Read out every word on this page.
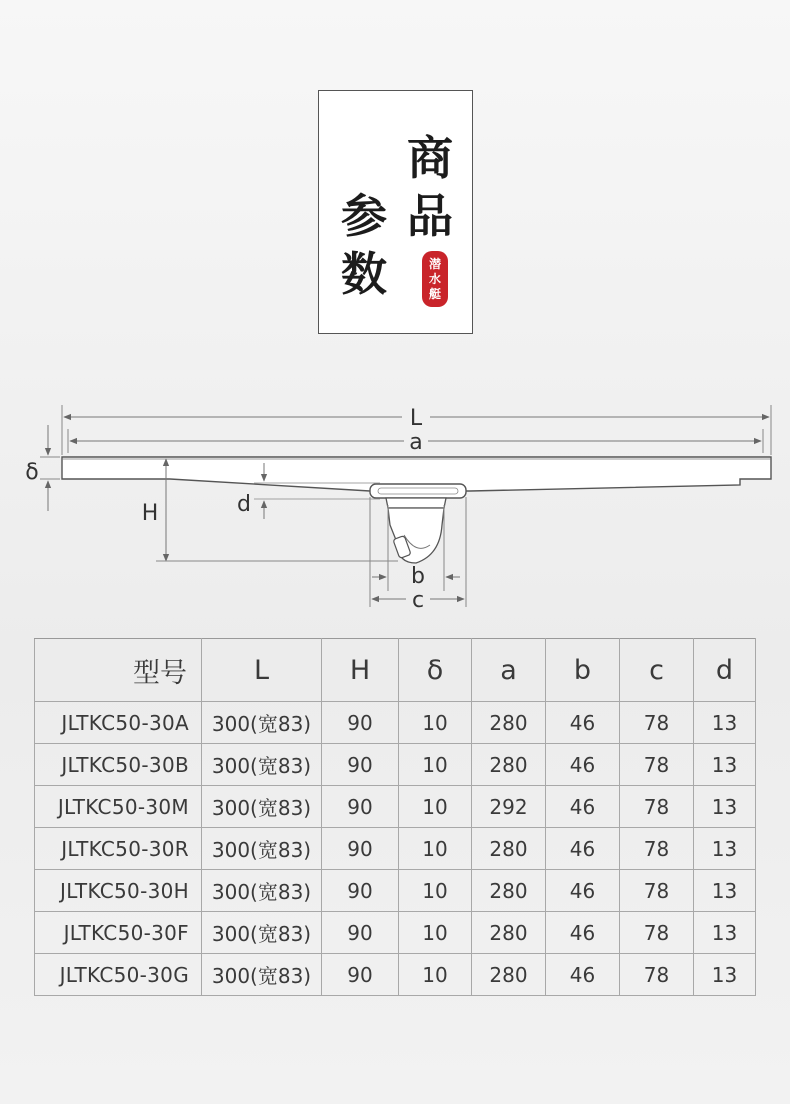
商
品
参
数	潜
水
艇
L
a
δ
H	d
b
c
型号	L	H	δ	a	b	c	d
JLTKC50-30A	300(宽83)	90	10	280	46	78	13
JLTKC50-30B	300(宽83)	90	10	280	46	78	13
JLTKC50-30M	300(宽83)	90	10	292	46	78	13
JLTKC50-30R	300(宽83)	90	10	280	46	78	13
JLTKC50-30H	300(宽83)	90	10	280	46	78	13
JLTKC50-30F	300(宽83)	90	10	280	46	78	13
JLTKC50-30G	300(宽83)	90	10	280	46	78	13
